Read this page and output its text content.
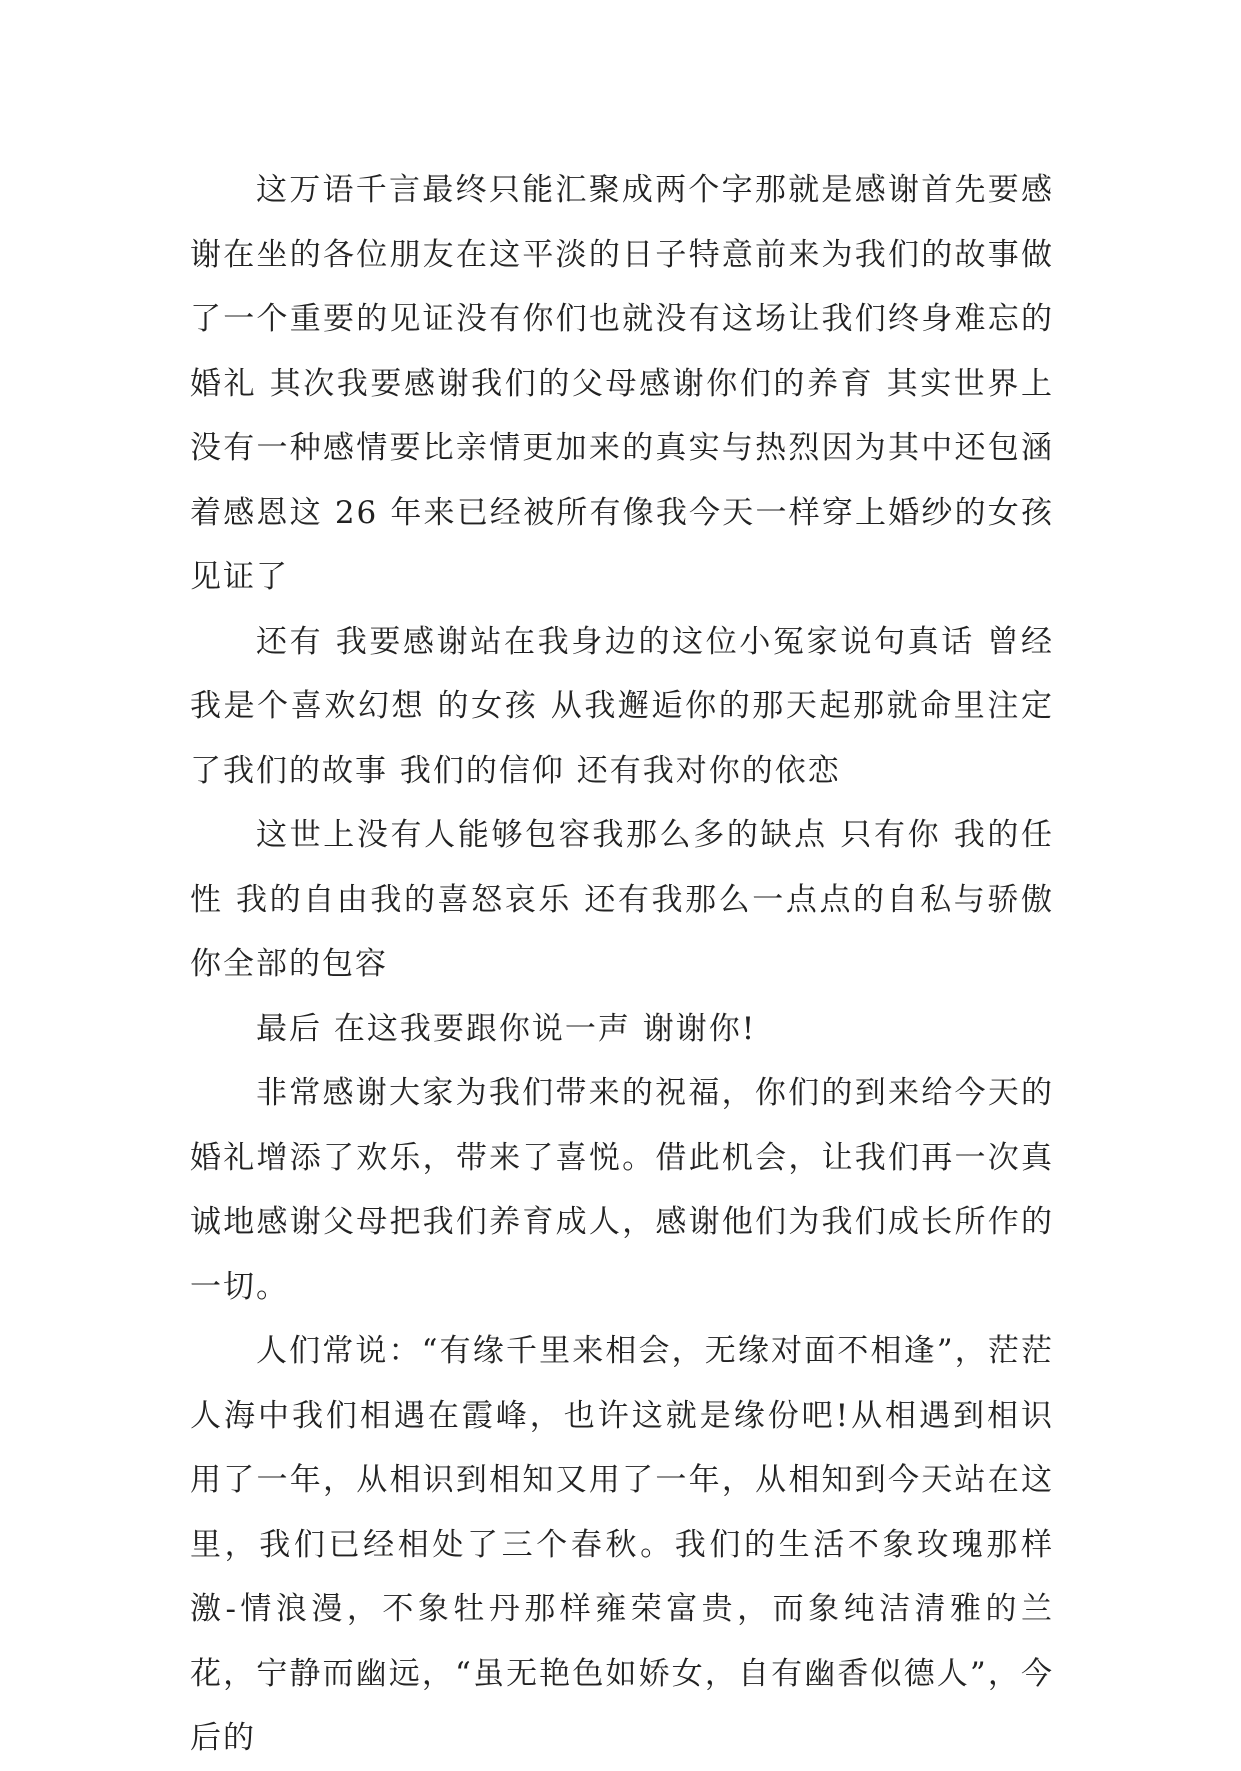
这万语千言最终只能汇聚成两个字那就是感谢首先要感谢在坐的各位朋友在这平淡的日子特意前来为我们的故事做了一个重要的见证没有你们也就没有这场让我们终身难忘的婚礼 其次我要感谢我们的父母感谢你们的养育 其实世界上没有一种感情要比亲情更加来的真实与热烈因为其中还包涵着感恩这 26 年来已经被所有像我今天一样穿上婚纱的女孩见证了

还有 我要感谢站在我身边的这位小冤家说句真话 曾经我是个喜欢幻想 的女孩 从我邂逅你的那天起那就命里注定了我们的故事 我们的信仰 还有我对你的依恋

这世上没有人能够包容我那么多的缺点 只有你 我的任性 我的自由我的喜怒哀乐 还有我那么一点点的自私与骄傲 你全部的包容

最后 在这我要跟你说一声 谢谢你!

非常感谢大家为我们带来的祝福，你们的到来给今天的婚礼增添了欢乐，带来了喜悦。借此机会，让我们再一次真诚地感谢父母把我们养育成人，感谢他们为我们成长所作的一切。

人们常说：“有缘千里来相会，无缘对面不相逢”，茫茫人海中我们相遇在霞峰，也许这就是缘份吧!从相遇到相识用了一年，从相识到相知又用了一年，从相知到今天站在这里，我们已经相处了三个春秋。我们的生活不象玫瑰那样激-情浪漫，不象牡丹那样雍荣富贵，而象纯洁清雅的兰花，宁静而幽远，“虽无艳色如娇女，自有幽香似德人”，今后的
